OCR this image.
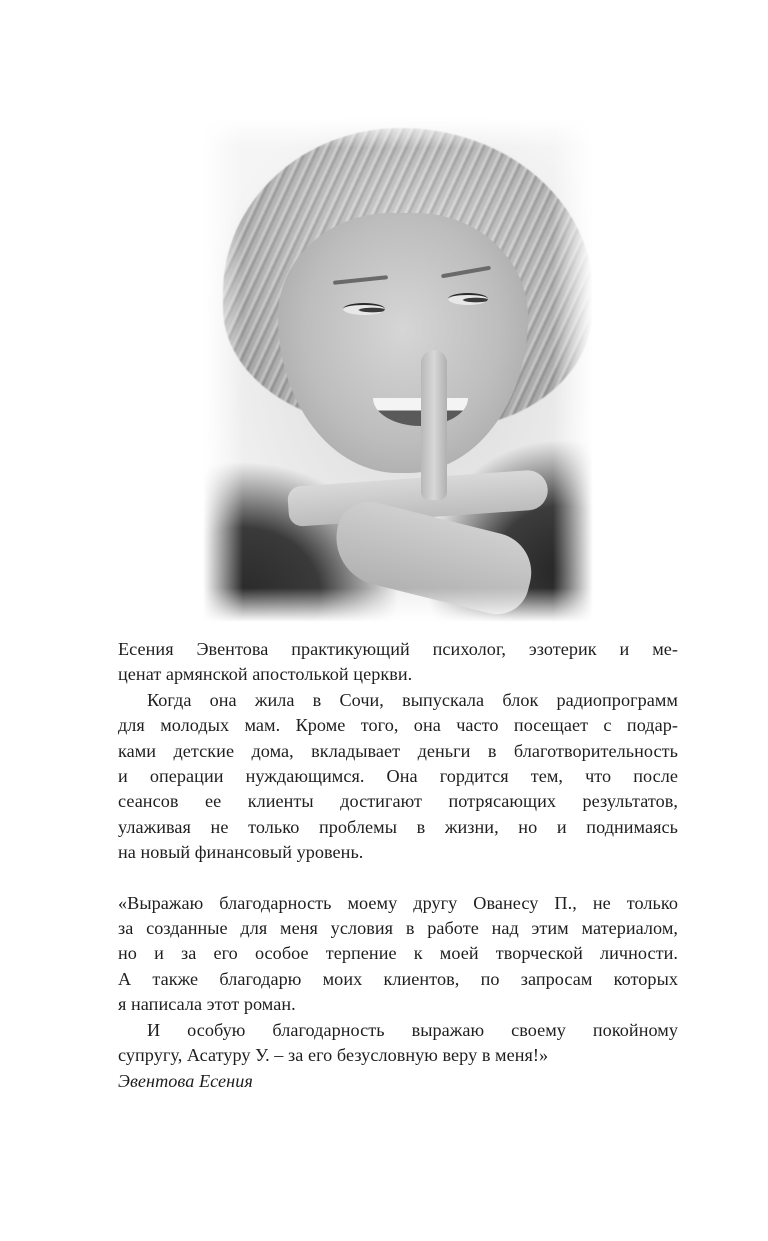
Есения Эвентова практикующий психолог, эзотерик и ме-
ценат армянской апостолькой церкви.

Когда она жила в Сочи, выпускала блок радиопрограмм
для молодых мам. Кроме того, она часто посещает с подар-
ками детские дома, вкладывает деньги в благотворительность
и операции нуждающимся. Она гордится тем, что после
сеансов ее клиенты достигают потрясающих результатов,
улаживая не только проблемы в жизни, но и поднимаясь
на новый финансовый уровень.

«Выражаю благодарность моему другу Ованесу П., не только
за созданные для меня условия в работе над этим материалом,
но и за его особое терпение к моей творческой личности.
А также благодарю моих клиентов, по запросам которых
я написала этот роман.

И особую благодарность выражаю своему покойному
супругу, Асатуру У. – за его безусловную веру в меня!»

Эвентова Есения
